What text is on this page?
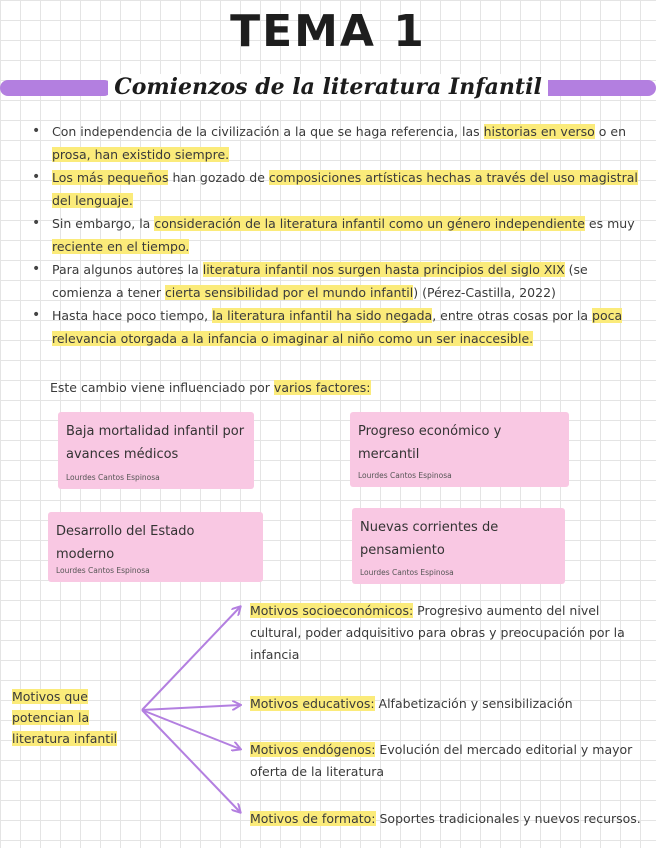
TEMA 1
Comienzos de la literatura Infantil
• Con independencia de la civilización a la que se haga referencia, las historias en verso o en prosa, han existido siempre.
• Los más pequeños han gozado de composiciones artísticas hechas a través del uso magistral del lenguaje.
• Sin embargo, la consideración de la literatura infantil como un género independiente es muy reciente en el tiempo.
• Para algunos autores la literatura infantil nos surgen hasta principios del siglo XIX (se comienza a tener cierta sensibilidad por el mundo infantil) (Pérez-Castilla, 2022)
• Hasta hace poco tiempo, la literatura infantil ha sido negada, entre otras cosas por la poca relevancia otorgada a la infancia o imaginar al niño como un ser inaccesible.

Este cambio viene influenciado por varios factores:

Baja mortalidad infantil por avances médicos

Lourdes Cantos Espinosa

Progreso económico y mercantil

Lourdes Cantos Espinosa

Desarrollo del Estado moderno

Lourdes Cantos Espinosa

Nuevas corrientes de pensamiento

Lourdes Cantos Espinosa

Motivos que potencian la literatura infantil

Motivos socioeconómicos: Progresivo aumento del nivel cultural, poder adquisitivo para obras y preocupación por la infancia

Motivos educativos: Alfabetización y sensibilización

Motivos endógenos: Evolución del mercado editorial y mayor oferta de la literatura

Motivos de formato: Soportes tradicionales y nuevos recursos.
